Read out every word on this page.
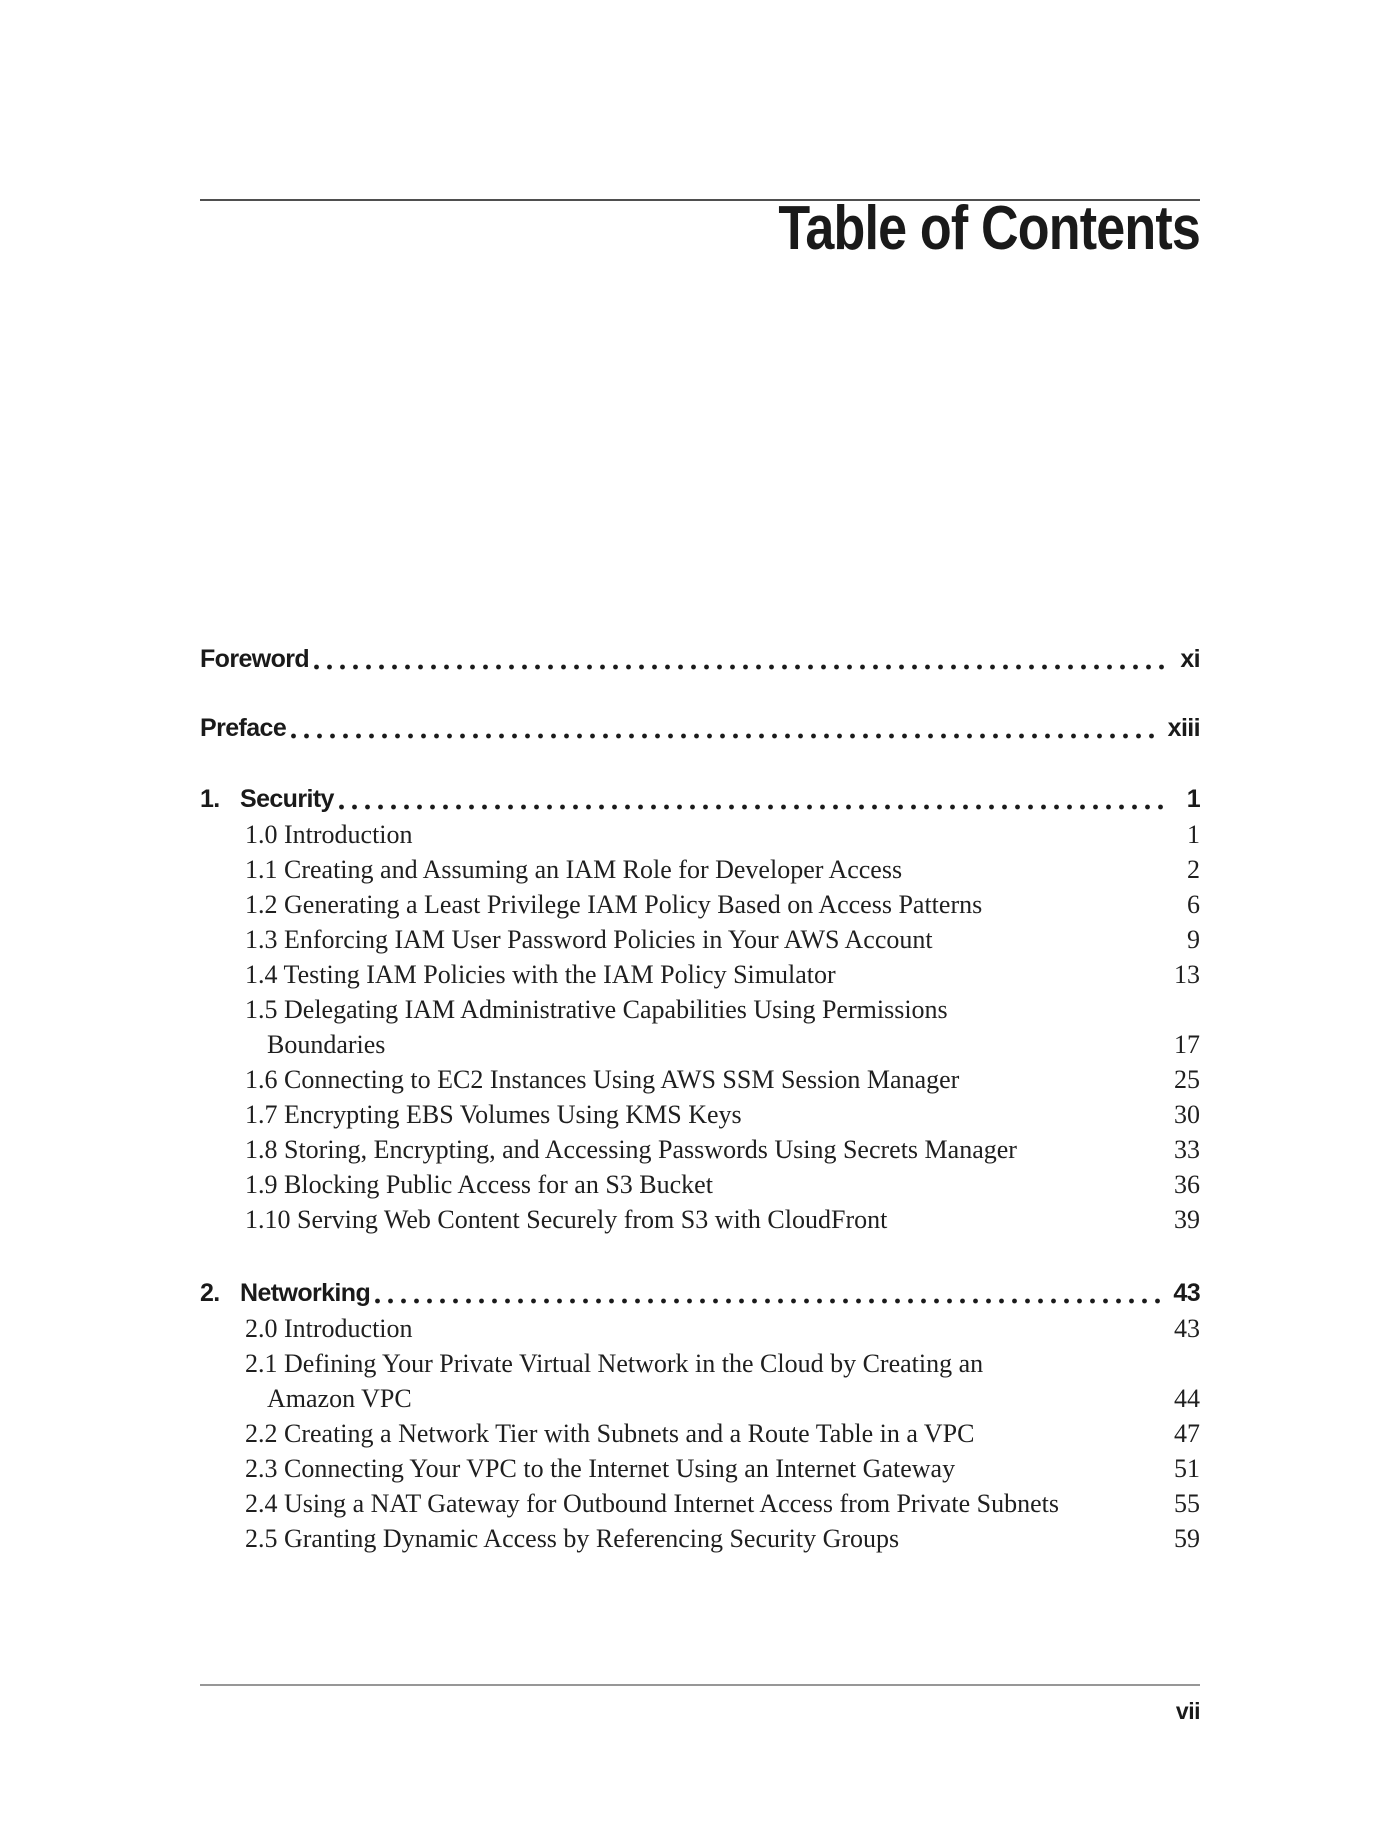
Table of Contents
Foreword	xi
Preface	xiii
1. Security	1
1.0 Introduction	1
1.1 Creating and Assuming an IAM Role for Developer Access	2
1.2 Generating a Least Privilege IAM Policy Based on Access Patterns	6
1.3 Enforcing IAM User Password Policies in Your AWS Account	9
1.4 Testing IAM Policies with the IAM Policy Simulator	13
1.5 Delegating IAM Administrative Capabilities Using Permissions
Boundaries	17
1.6 Connecting to EC2 Instances Using AWS SSM Session Manager	25
1.7 Encrypting EBS Volumes Using KMS Keys	30
1.8 Storing, Encrypting, and Accessing Passwords Using Secrets Manager	33
1.9 Blocking Public Access for an S3 Bucket	36
1.10 Serving Web Content Securely from S3 with CloudFront	39
2. Networking	43
2.0 Introduction	43
2.1 Defining Your Private Virtual Network in the Cloud by Creating an
Amazon VPC	44
2.2 Creating a Network Tier with Subnets and a Route Table in a VPC	47
2.3 Connecting Your VPC to the Internet Using an Internet Gateway	51
2.4 Using a NAT Gateway for Outbound Internet Access from Private Subnets	55
2.5 Granting Dynamic Access by Referencing Security Groups	59
vii
